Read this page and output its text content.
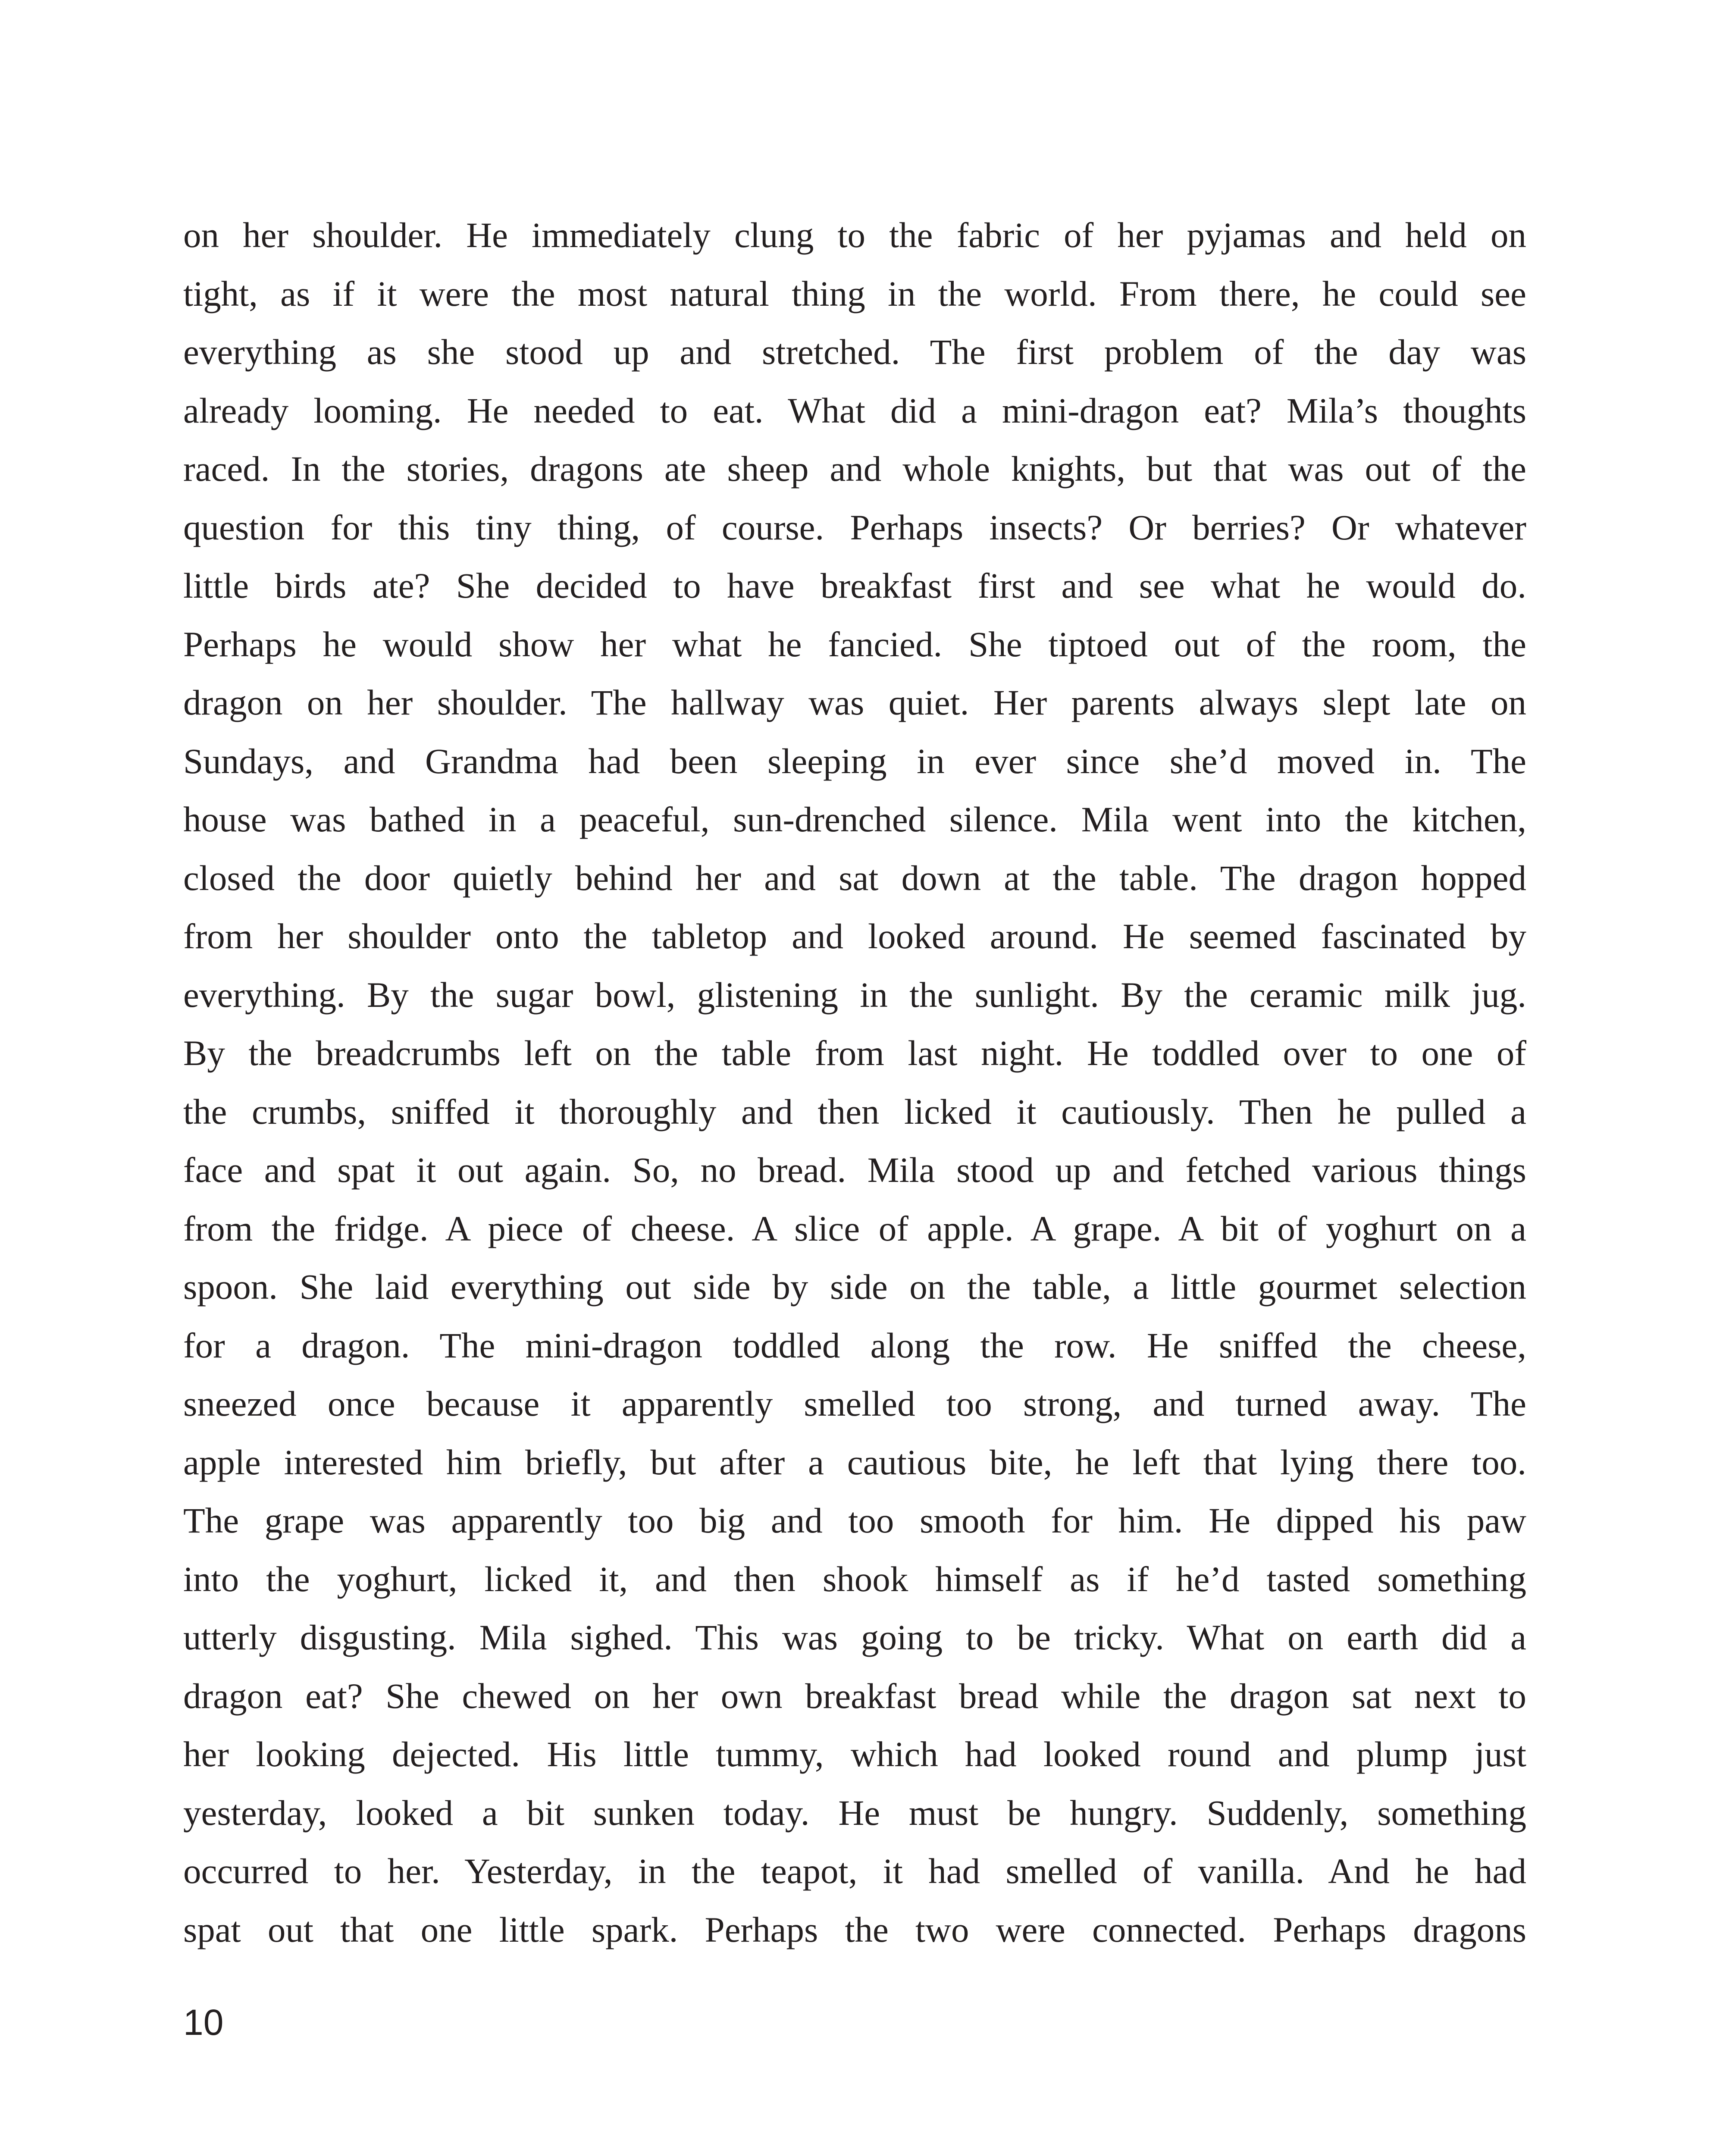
on her shoulder. He immediately clung to the fabric of her pyjamas and held on
tight, as if it were the most natural thing in the world. From there, he could see
everything as she stood up and stretched. The first problem of the day was
already looming. He needed to eat. What did a mini-dragon eat? Mila’s thoughts
raced. In the stories, dragons ate sheep and whole knights, but that was out of the
question for this tiny thing, of course. Perhaps insects? Or berries? Or whatever
little birds ate? She decided to have breakfast first and see what he would do.
Perhaps he would show her what he fancied. She tiptoed out of the room, the
dragon on her shoulder. The hallway was quiet. Her parents always slept late on
Sundays, and Grandma had been sleeping in ever since she’d moved in. The
house was bathed in a peaceful, sun-drenched silence. Mila went into the kitchen,
closed the door quietly behind her and sat down at the table. The dragon hopped
from her shoulder onto the tabletop and looked around. He seemed fascinated by
everything. By the sugar bowl, glistening in the sunlight. By the ceramic milk jug.
By the breadcrumbs left on the table from last night. He toddled over to one of
the crumbs, sniffed it thoroughly and then licked it cautiously. Then he pulled a
face and spat it out again. So, no bread. Mila stood up and fetched various things
from the fridge. A piece of cheese. A slice of apple. A grape. A bit of yoghurt on a
spoon. She laid everything out side by side on the table, a little gourmet selection
for a dragon. The mini-dragon toddled along the row. He sniffed the cheese,
sneezed once because it apparently smelled too strong, and turned away. The
apple interested him briefly, but after a cautious bite, he left that lying there too.
The grape was apparently too big and too smooth for him. He dipped his paw
into the yoghurt, licked it, and then shook himself as if he’d tasted something
utterly disgusting. Mila sighed. This was going to be tricky. What on earth did a
dragon eat? She chewed on her own breakfast bread while the dragon sat next to
her looking dejected. His little tummy, which had looked round and plump just
yesterday, looked a bit sunken today. He must be hungry. Suddenly, something
occurred to her. Yesterday, in the teapot, it had smelled of vanilla. And he had
spat out that one little spark. Perhaps the two were connected. Perhaps dragons
10
